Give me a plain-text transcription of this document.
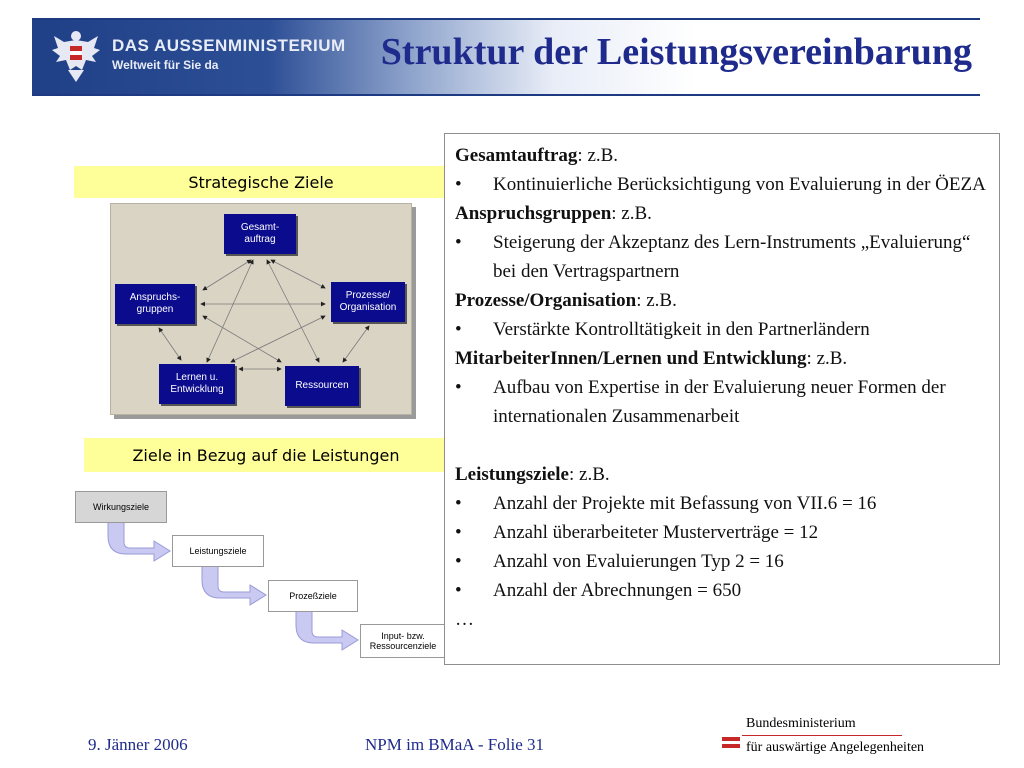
DAS AUSSENMINISTERIUM
Weltweit für Sie da	Struktur der Leistungsvereinbarung
Strategische Ziele
Gesamt-
auftrag
Anspruchs-
gruppen
Prozesse/
Organisation
Lernen u.
Entwicklung	Ressourcen
Ziele in Bezug auf die Leistungen
Wirkungsziele
Leistungsziele
Prozeßziele
Input- bzw.
Ressourcenziele
Gesamtauftrag: z.B.
• Kontinuierliche Berücksichtigung von Evaluierung in der ÖEZA
Anspruchsgruppen: z.B.
• Steigerung der Akzeptanz des Lern-Instruments „Evaluierung“ bei den Vertragspartnern
Prozesse/Organisation: z.B.
• Verstärkte Kontrolltätigkeit in den Partnerländern
MitarbeiterInnen/Lernen und Entwicklung: z.B.
• Aufbau von Expertise in der Evaluierung neuer Formen der internationalen Zusammenarbeit
Leistungsziele: z.B.
• Anzahl der Projekte mit Befassung von VII.6 = 16
• Anzahl überarbeiteter Musterverträge = 12
• Anzahl von Evaluierungen Typ 2 = 16
• Anzahl der Abrechnungen = 650
…
9. Jänner 2006	NPM im BMaA - Folie 31
Bundesministerium
für auswärtige Angelegenheiten
